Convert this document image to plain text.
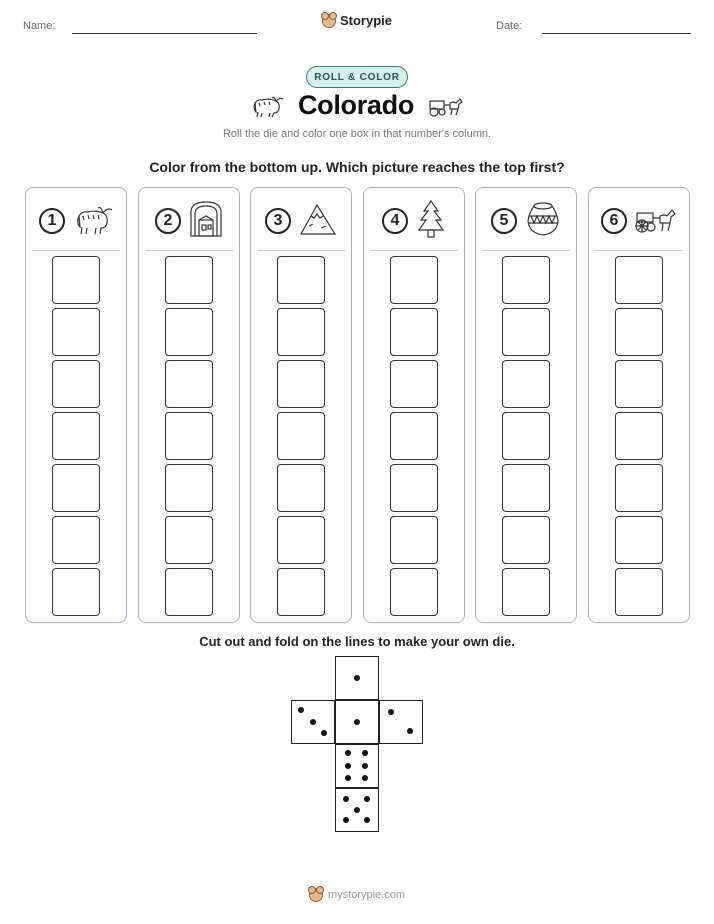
Name:	Storypie	Date:
ROLL & COLOR
Colorado
Roll the die and color one box in that number's column.
Color from the bottom up. Which picture reaches the top first?
1	2	3	4	5	6
Cut out and fold on the lines to make your own die.
mystorypie.com
